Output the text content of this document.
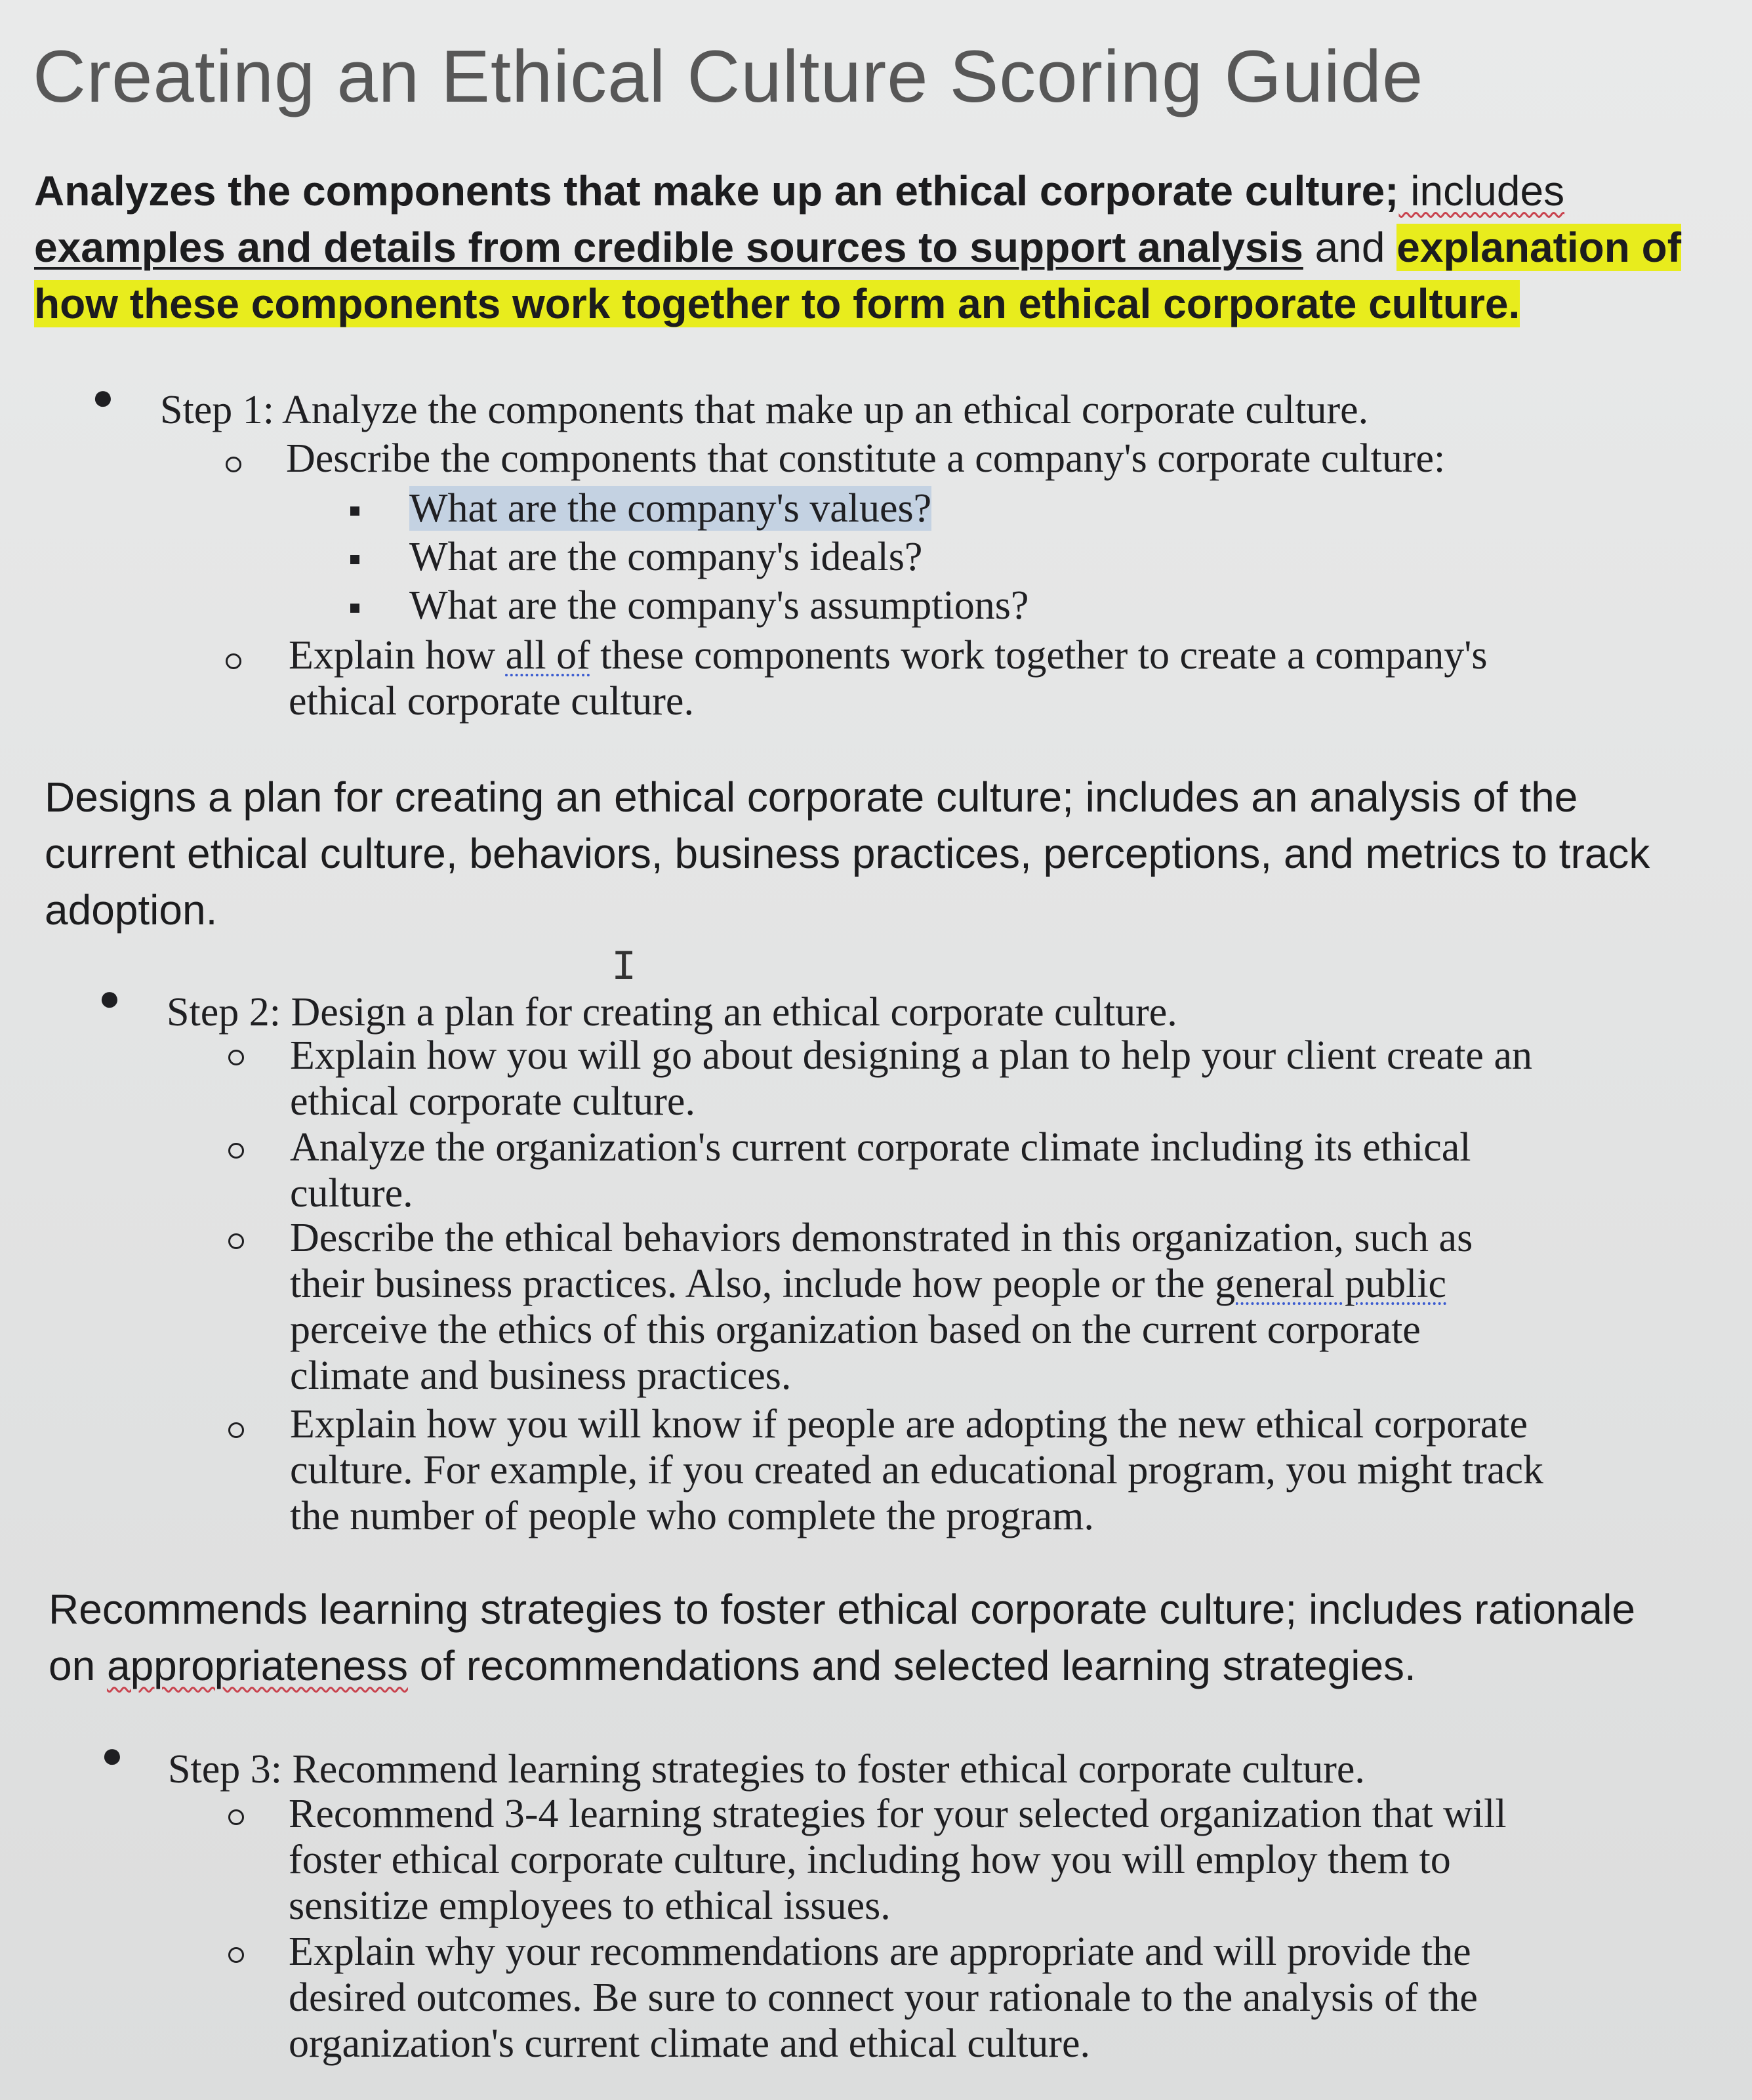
Creating an Ethical Culture Scoring Guide
Analyzes the components that make up an ethical corporate culture; includes
examples and details from credible sources to support analysis and explanation of
how these components work together to form an ethical corporate culture.
● Step 1: Analyze the components that make up an ethical corporate culture.
Describe the components that constitute a company's corporate culture:
What are the company's values?
What are the company's ideals?
What are the company's assumptions?
Explain how all of these components work together to create a company's
ethical corporate culture.
Designs a plan for creating an ethical corporate culture; includes an analysis of the
current ethical culture, behaviors, business practices, perceptions, and metrics to track
adoption.
I
● Step 2: Design a plan for creating an ethical corporate culture.
Explain how you will go about designing a plan to help your client create an
ethical corporate culture.
Analyze the organization's current corporate climate including its ethical
culture.
Describe the ethical behaviors demonstrated in this organization, such as
their business practices. Also, include how people or the general public
perceive the ethics of this organization based on the current corporate
climate and business practices.
Explain how you will know if people are adopting the new ethical corporate
culture. For example, if you created an educational program, you might track
the number of people who complete the program.
Recommends learning strategies to foster ethical corporate culture; includes rationale
on appropriateness of recommendations and selected learning strategies.
● Step 3: Recommend learning strategies to foster ethical corporate culture.
Recommend 3-4 learning strategies for your selected organization that will
foster ethical corporate culture, including how you will employ them to
sensitize employees to ethical issues.
Explain why your recommendations are appropriate and will provide the
desired outcomes. Be sure to connect your rationale to the analysis of the
organization's current climate and ethical culture.
